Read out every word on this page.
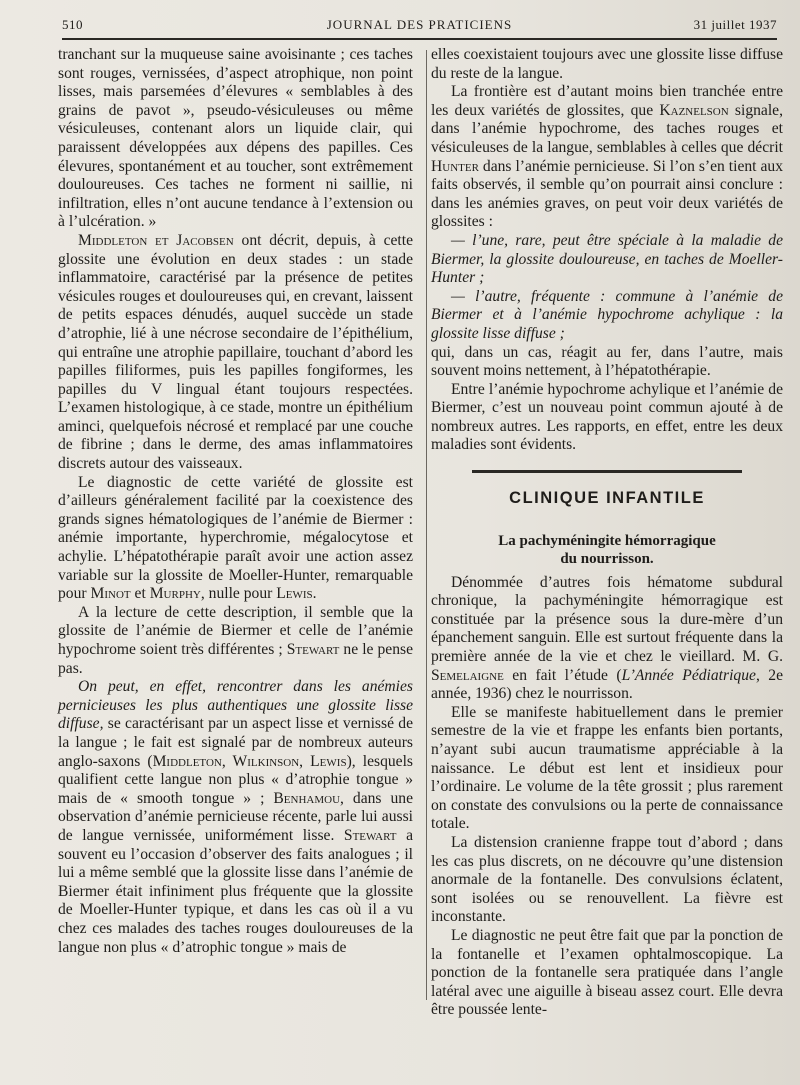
510	JOURNAL DES PRATICIENS	31 juillet 1937

tranchant sur la muqueuse saine avoisinante ; ces taches sont rouges, vernissées, d’aspect atrophique, non point lisses, mais parsemées d’élevures « semblables à des grains de pavot », pseudo-vésiculeuses ou même vésiculeuses, contenant alors un liquide clair, qui paraissent développées aux dépens des papilles. Ces élevures, spontanément et au toucher, sont extrêmement douloureuses. Ces taches ne forment ni saillie, ni infiltration, elles n’ont aucune tendance à l’extension ou à l’ulcération. »

Middleton et Jacobsen ont décrit, depuis, à cette glossite une évolution en deux stades : un stade inflammatoire, caractérisé par la présence de petites vésicules rouges et douloureuses qui, en crevant, laissent de petits espaces dénudés, auquel succède un stade d’atrophie, lié à une nécrose secondaire de l’épithélium, qui entraîne une atrophie papillaire, touchant d’abord les papilles filiformes, puis les papilles fongiformes, les papilles du V lingual étant toujours respectées. L’examen histologique, à ce stade, montre un épithélium aminci, quelquefois nécrosé et remplacé par une couche de fibrine ; dans le derme, des amas inflammatoires discrets autour des vaisseaux.

Le diagnostic de cette variété de glossite est d’ailleurs généralement facilité par la coexistence des grands signes hématologiques de l’anémie de Biermer : anémie importante, hyperchromie, mégalocytose et achylie. L’hépatothérapie paraît avoir une action assez variable sur la glossite de Moeller-Hunter, remarquable pour Minot et Murphy, nulle pour Lewis.

A la lecture de cette description, il semble que la glossite de l’anémie de Biermer et celle de l’anémie hypochrome soient très différentes ; Stewart ne le pense pas.

On peut, en effet, rencontrer dans les anémies pernicieuses les plus authentiques une glossite lisse diffuse, se caractérisant par un aspect lisse et vernissé de la langue ; le fait est signalé par de nombreux auteurs anglo-saxons (Middleton, Wilkinson, Lewis), lesquels qualifient cette langue non plus « d’atrophie tongue » mais de « smooth tongue » ; Benhamou, dans une observation d’anémie pernicieuse récente, parle lui aussi de langue vernissée, uniformément lisse. Stewart a souvent eu l’occasion d’observer des faits analogues ; il lui a même semblé que la glossite lisse dans l’anémie de Biermer était infiniment plus fréquente que la glossite de Moeller-Hunter typique, et dans les cas où il a vu chez ces malades des taches rouges douloureuses de la langue non plus « d’atrophic tongue » mais de

elles coexistaient toujours avec une glossite lisse diffuse du reste de la langue.

La frontière est d’autant moins bien tranchée entre les deux variétés de glossites, que Kaznelson signale, dans l’anémie hypochrome, des taches rouges et vésiculeuses de la langue, semblables à celles que décrit Hunter dans l’anémie pernicieuse. Si l’on s’en tient aux faits observés, il semble qu’on pourrait ainsi conclure : dans les anémies graves, on peut voir deux variétés de glossites :

— l’une, rare, peut être spéciale à la maladie de Biermer, la glossite douloureuse, en taches de Moeller-Hunter ;

— l’autre, fréquente : commune à l’anémie de Biermer et à l’anémie hypochrome achylique : la glossite lisse diffuse ;

qui, dans un cas, réagit au fer, dans l’autre, mais souvent moins nettement, à l’hépatothérapie.

Entre l’anémie hypochrome achylique et l’anémie de Biermer, c’est un nouveau point commun ajouté à de nombreux autres. Les rapports, en effet, entre les deux maladies sont évidents.

CLINIQUE INFANTILE
La pachyméningite hémorragique
du nourrisson.

Dénommée d’autres fois hématome subdural chronique, la pachyméningite hémorragique est constituée par la présence sous la dure-mère d’un épanchement sanguin. Elle est surtout fréquente dans la première année de la vie et chez le vieillard. M. G. Semelaigne en fait l’étude (L’Année Pédiatrique, 2e année, 1936) chez le nourrisson.

Elle se manifeste habituellement dans le premier semestre de la vie et frappe les enfants bien portants, n’ayant subi aucun traumatisme appréciable à la naissance. Le début est lent et insidieux pour l’ordinaire. Le volume de la tête grossit ; plus rarement on constate des convulsions ou la perte de connaissance totale.

La distension cranienne frappe tout d’abord ; dans les cas plus discrets, on ne découvre qu’une distension anormale de la fontanelle. Des convulsions éclatent, sont isolées ou se renouvellent. La fièvre est inconstante.

Le diagnostic ne peut être fait que par la ponction de la fontanelle et l’examen ophtalmoscopique. La ponction de la fontanelle sera pratiquée dans l’angle latéral avec une aiguille à biseau assez court. Elle devra être poussée lente-
